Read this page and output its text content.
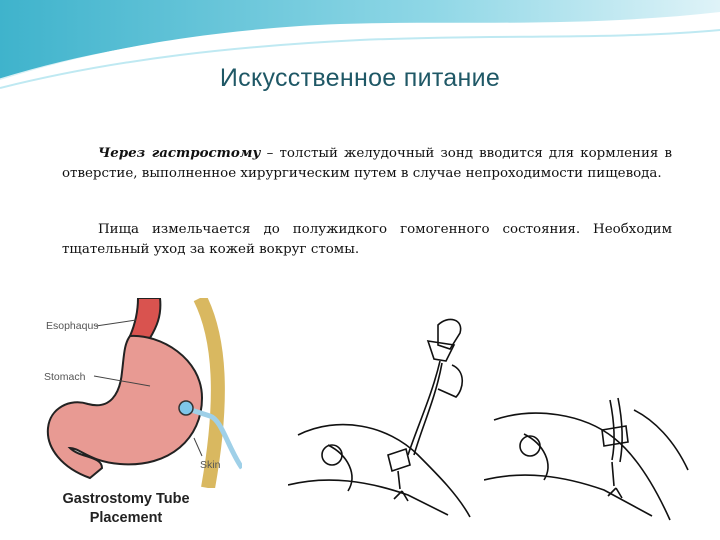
Искусственное питание
Через гастростому – толстый желудочный зонд вводится для кормления в отверстие, выполненное хирургическим путем в случае непроходимости пищевода.
Пища измельчается до полужидкого гомогенного состояния. Необходим тщательный уход за кожей вокруг стомы.
Esophaqus
Stomach
Skin
Gastrostomy Tube
Placement
